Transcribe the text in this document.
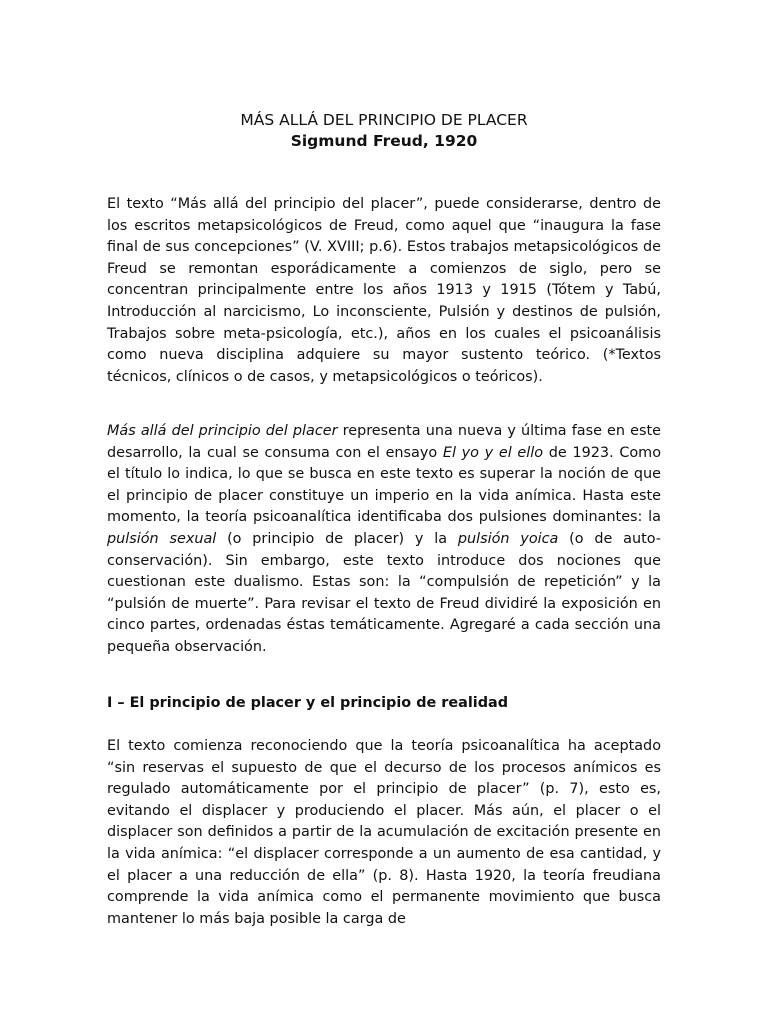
MÁS ALLÁ DEL PRINCIPIO DE PLACER

Sigmund Freud, 1920

El texto “Más allá del principio del placer”, puede considerarse, dentro de los escritos metapsicológicos de Freud, como aquel que “inaugura la fase final de sus concepciones” (V. XVIII; p.6). Estos trabajos metapsicológicos de Freud se remontan esporádicamente a comienzos de siglo, pero se concentran principalmente entre los años 1913 y 1915 (Tótem y Tabú, Introducción al narcicismo, Lo inconsciente, Pulsión y destinos de pulsión, Trabajos sobre meta-psicología, etc.), años en los cuales el psicoanálisis como nueva disciplina adquiere su mayor sustento teórico. (*Textos técnicos, clínicos o de casos, y metapsicológicos o teóricos).

Más allá del principio del placer representa una nueva y última fase en este desarrollo, la cual se consuma con el ensayo El yo y el ello de 1923. Como el título lo indica, lo que se busca en este texto es superar la noción de que el principio de placer constituye un imperio en la vida anímica. Hasta este momento, la teoría psicoanalítica identificaba dos pulsiones dominantes: la pulsión sexual (o principio de placer) y la pulsión yoica (o de auto-conservación). Sin embargo, este texto introduce dos nociones que cuestionan este dualismo. Estas son: la “compulsión de repetición” y la “pulsión de muerte”. Para revisar el texto de Freud dividiré la exposición en cinco partes, ordenadas éstas temáticamente. Agregaré a cada sección una pequeña observación.

I – El principio de placer y el principio de realidad

El texto comienza reconociendo que la teoría psicoanalítica ha aceptado “sin reservas el supuesto de que el decurso de los procesos anímicos es regulado automáticamente por el principio de placer” (p. 7), esto es, evitando el displacer y produciendo el placer. Más aún, el placer o el displacer son definidos a partir de la acumulación de excitación presente en la vida anímica: “el displacer corresponde a un aumento de esa cantidad, y el placer a una reducción de ella” (p. 8). Hasta 1920, la teoría freudiana comprende la vida anímica como el permanente movimiento que busca mantener lo más baja posible la carga de
